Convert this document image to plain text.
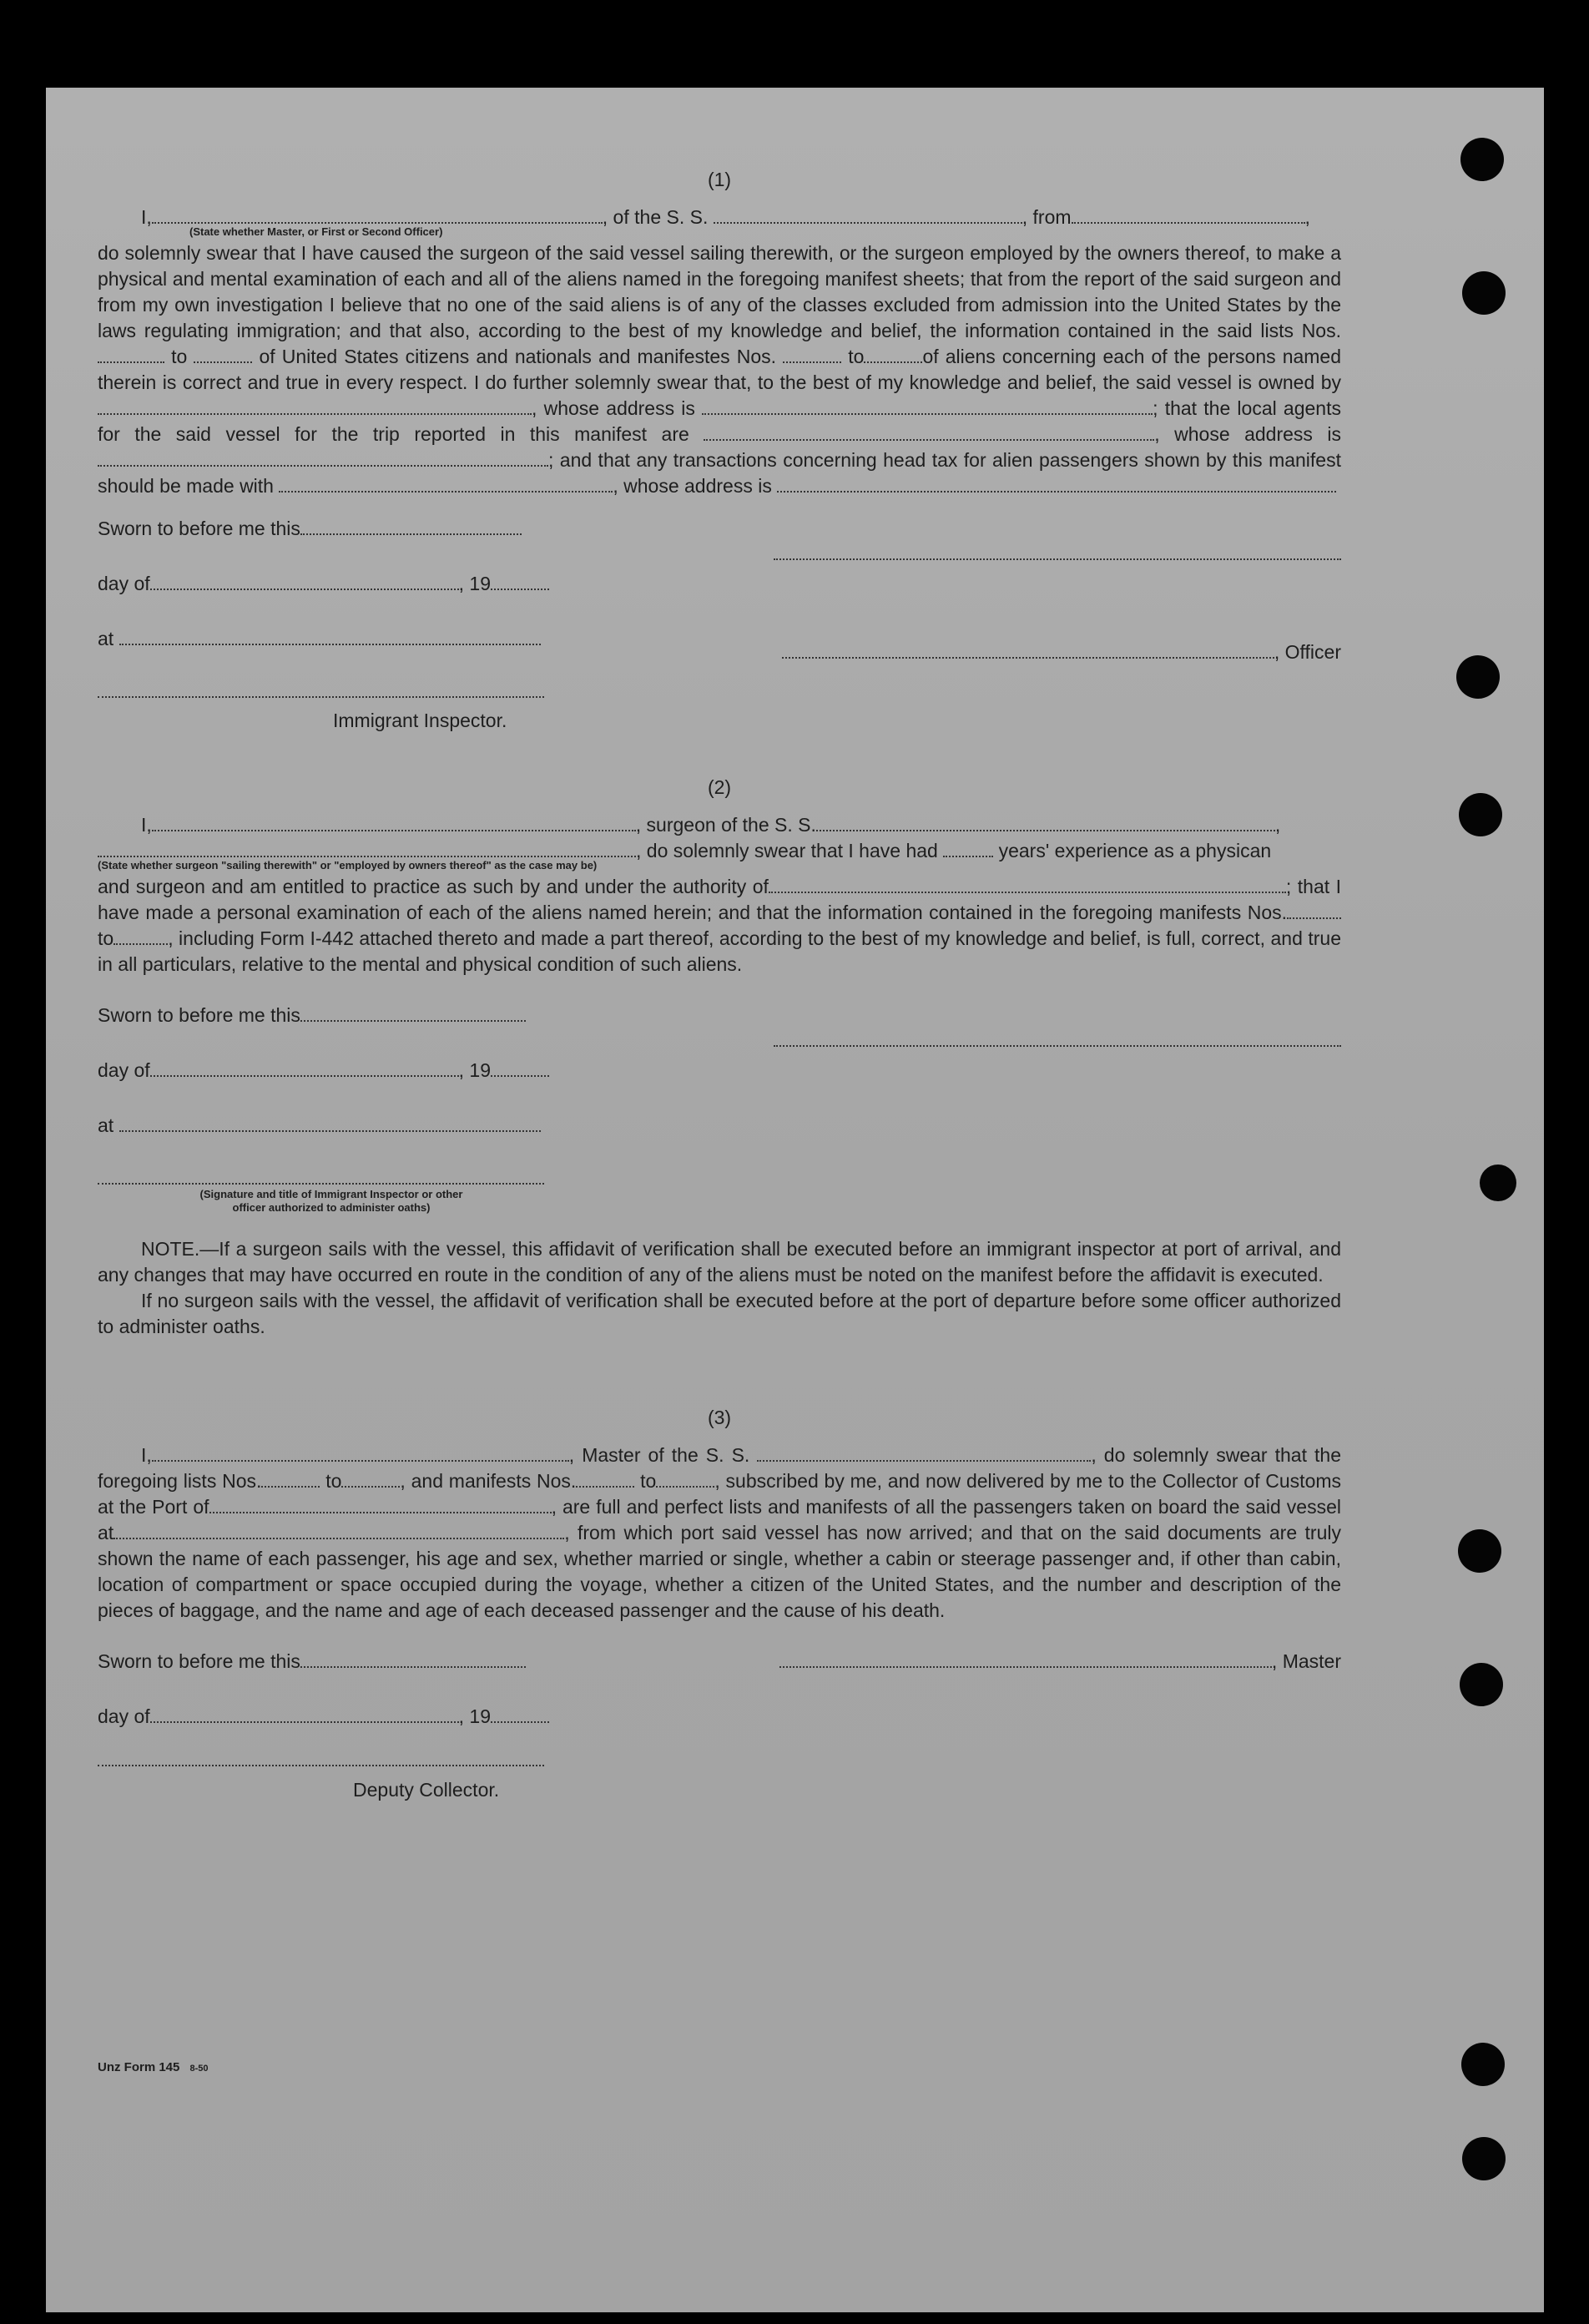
(1)
I,	, of the S. S.	, from	,
(State whether Master, or First or Second Officer)
do solemnly swear that I have caused the surgeon of the said vessel sailing therewith, or the surgeon employed by the owners thereof, to make a physical and mental examination of each and all of the aliens named in the foregoing manifest sheets; that from the report of the said surgeon and from my own investigation I believe that no one of the said aliens is of any of the classes excluded from admission into the United States by the laws regulating immigration; and that also, according to the best of my knowledge and belief, the information contained in the said lists Nos.  to	of United States citizens and nationals and manifestes Nos.	to	of aliens concerning each of the persons named therein is correct and true in every respect. I do further solemnly swear that, to the best of my knowledge and belief, the said vessel is owned by , whose address is	; that the local agents for the said vessel for the trip reported in this manifest are	, whose address is; and that any transactions concerning head tax for alien passengers shown by this manifest should be made with	, whose address is
Sworn to before me this
day of	, 19
at
, Officer
Immigrant Inspector.
(2)
I,	, surgeon of the S. S.	,
, do solemnly swear that I have had	years' experience as a physican
(State whether surgeon "sailing therewith" or "employed by owners thereof" as the case may be)
and surgeon and am entitled to practice as such by and under the authority of	; that I have made a personal examination of each of the aliens named herein; and that the information contained in the foregoing manifests Nos. to	, including Form I-442 attached thereto and made a part thereof, according to the best of my knowledge and belief, is full, correct, and true in all particulars, relative to the mental and physical condition of such aliens.
Sworn to before me this
day of	, 19
at
(Signature and title of Immigrant Inspector or other
officer authorized to administer oaths)
NOTE.—If a surgeon sails with the vessel, this affidavit of verification shall be executed before an immigrant inspector at port of arrival, and any changes that may have occurred en route in the condition of any of the aliens must be noted on the manifest before the affidavit is executed.
If no surgeon sails with the vessel, the affidavit of verification shall be executed before at the port of departure before some officer authorized to administer oaths.
(3)
I,	, Master of the S. S.	, do solemnly swear that the foregoing lists Nos.	to	, and manifests Nos.	to	, subscribed by me, and now delivered by me to the Collector of Customs at the Port of	, are full and perfect lists and manifests of all the passengers taken on board the said vessel at	, from which port said vessel has now arrived; and that on the said documents are truly shown the name of each passenger, his age and sex, whether married or single, whether a cabin or steerage passenger and, if other than cabin, location of compartment or space occupied during the voyage, whether a citizen of the United States, and the number and description of the pieces of baggage, and the name and age of each deceased passenger and the cause of his death.
Sworn to before me this	, Master
day of	, 19
Deputy Collector.
Unz Form 145 8-50
